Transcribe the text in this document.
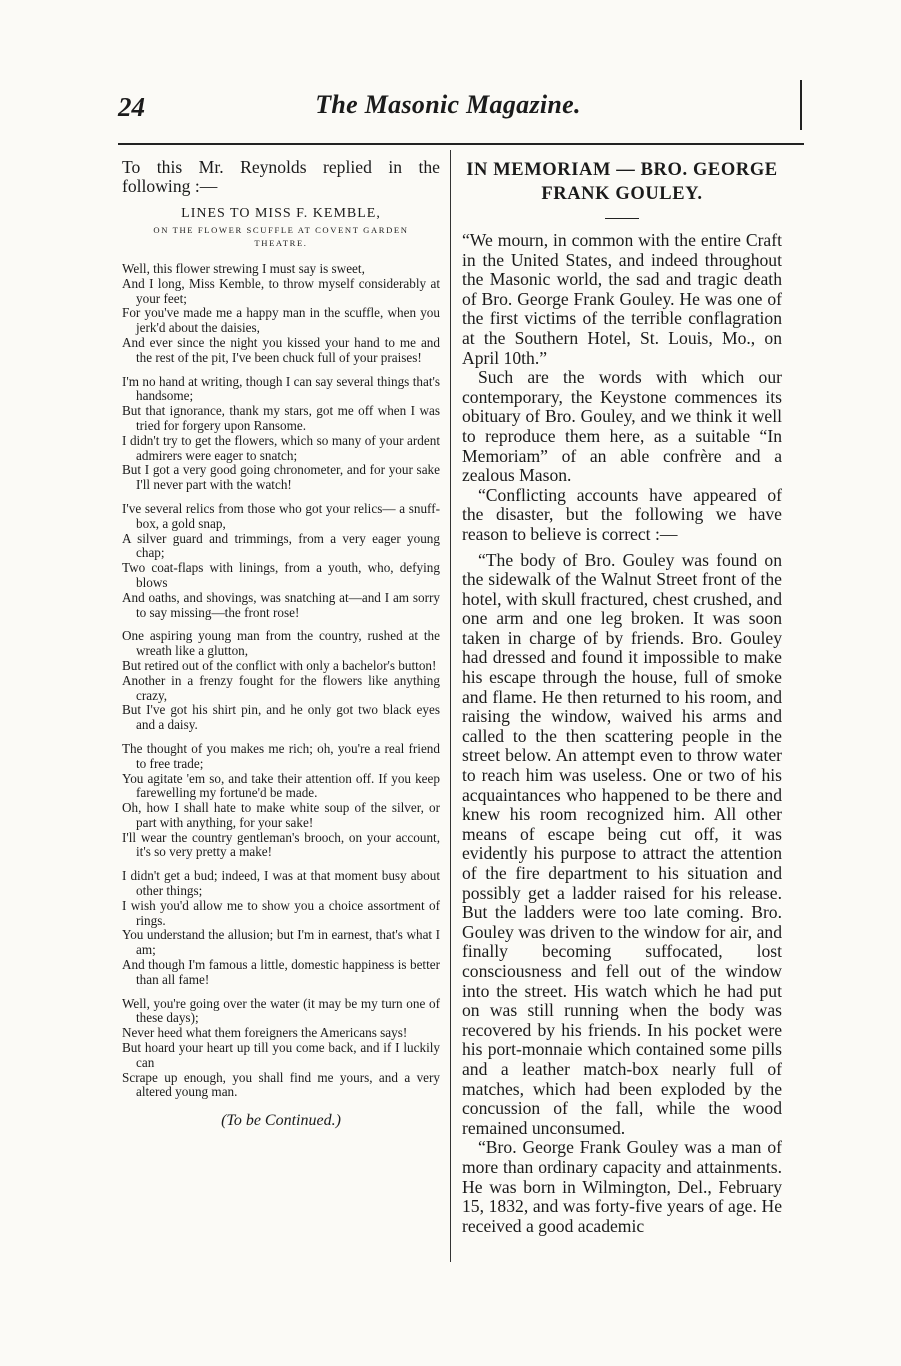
24	The Masonic Magazine.

To this Mr. Reynolds replied in the following :—

LINES TO MISS F. KEMBLE,
ON THE FLOWER SCUFFLE AT COVENT GARDEN THEATRE.
Well, this flower strewing I must say is sweet,
And I long, Miss Kemble, to throw myself considerably at your feet;
For you've made me a happy man in the scuffle, when you jerk'd about the daisies,
And ever since the night you kissed your hand to me and the rest of the pit, I've been chuck full of your praises!
I'm no hand at writing, though I can say several things that's handsome;
But that ignorance, thank my stars, got me off when I was tried for forgery upon Ransome.
I didn't try to get the flowers, which so many of your ardent admirers were eager to snatch;
But I got a very good going chronometer, and for your sake I'll never part with the watch!
I've several relics from those who got your relics— a snuff-box, a gold snap,
A silver guard and trimmings, from a very eager young chap;
Two coat-flaps with linings, from a youth, who, defying blows
And oaths, and shovings, was snatching at—and I am sorry to say missing—the front rose!
One aspiring young man from the country, rushed at the wreath like a glutton,
But retired out of the conflict with only a bachelor's button!
Another in a frenzy fought for the flowers like anything crazy,
But I've got his shirt pin, and he only got two black eyes and a daisy.
The thought of you makes me rich; oh, you're a real friend to free trade;
You agitate 'em so, and take their attention off. If you keep farewelling my fortune'd be made.
Oh, how I shall hate to make white soup of the silver, or part with anything, for your sake!
I'll wear the country gentleman's brooch, on your account, it's so very pretty a make!
I didn't get a bud; indeed, I was at that moment busy about other things;
I wish you'd allow me to show you a choice assortment of rings.
You understand the allusion; but I'm in earnest, that's what I am;
And though I'm famous a little, domestic happiness is better than all fame!
Well, you're going over the water (it may be my turn one of these days);
Never heed what them foreigners the Americans says!
But hoard your heart up till you come back, and if I luckily can
Scrape up enough, you shall find me yours, and a very altered young man.
(To be Continued.)
IN MEMORIAM — BRO. GEORGE FRANK GOULEY.

“We mourn, in common with the entire Craft in the United States, and indeed throughout the Masonic world, the sad and tragic death of Bro. George Frank Gouley. He was one of the first victims of the terrible conflagration at the Southern Hotel, St. Louis, Mo., on April 10th.”

Such are the words with which our contemporary, the Keystone commences its obituary of Bro. Gouley, and we think it well to reproduce them here, as a suitable “In Memoriam” of an able confrère and a zealous Mason.

“Conflicting accounts have appeared of the disaster, but the following we have reason to believe is correct :—

“The body of Bro. Gouley was found on the sidewalk of the Walnut Street front of the hotel, with skull fractured, chest crushed, and one arm and one leg broken. It was soon taken in charge of by friends. Bro. Gouley had dressed and found it impossible to make his escape through the house, full of smoke and flame. He then returned to his room, and raising the window, waived his arms and called to the then scattering people in the street below. An attempt even to throw water to reach him was useless. One or two of his acquaintances who happened to be there and knew his room recognized him. All other means of escape being cut off, it was evidently his purpose to attract the attention of the fire department to his situation and possibly get a ladder raised for his release. But the ladders were too late coming. Bro. Gouley was driven to the window for air, and finally becoming suffocated, lost consciousness and fell out of the window into the street. His watch which he had put on was still running when the body was recovered by his friends. In his pocket were his port-monnaie which contained some pills and a leather match-box nearly full of matches, which had been exploded by the concussion of the fall, while the wood remained unconsumed.

“Bro. George Frank Gouley was a man of more than ordinary capacity and attainments. He was born in Wilmington, Del., February 15, 1832, and was forty-five years of age. He received a good academic
